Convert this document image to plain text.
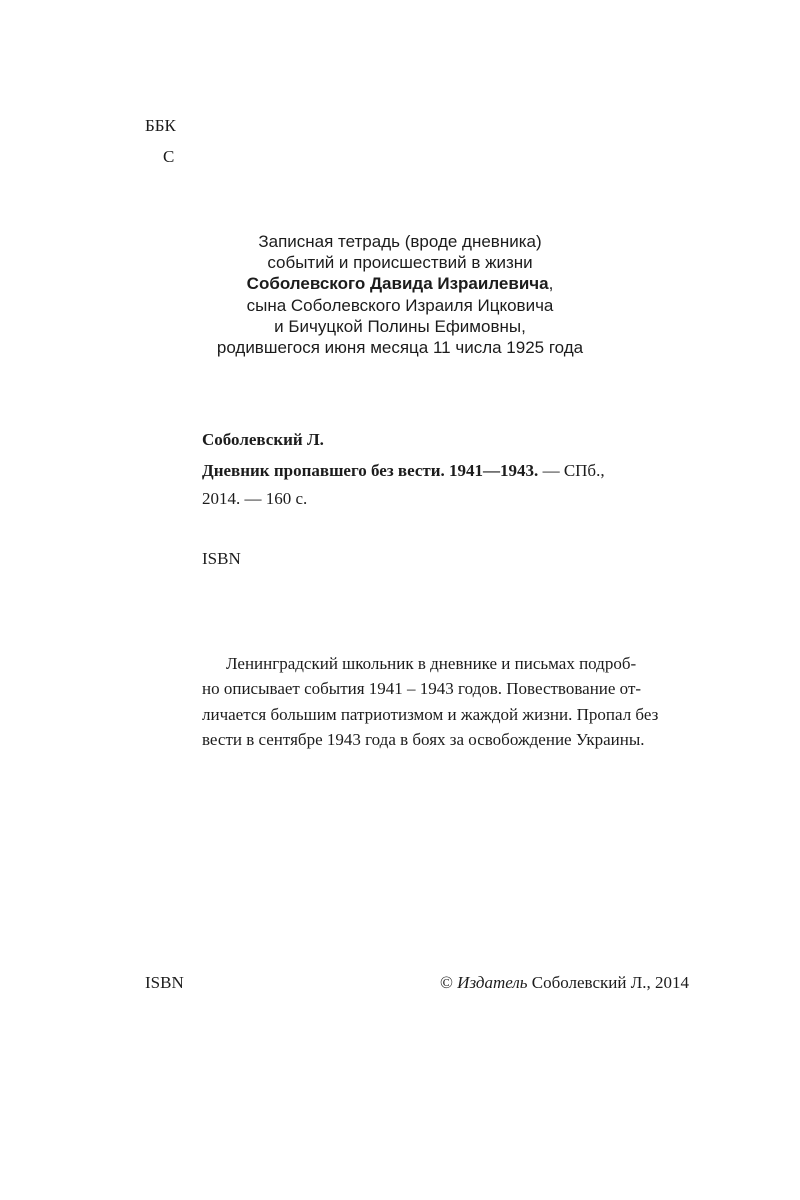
ББК
С
Записная тетрадь (вроде дневника)
событий и происшествий в жизни
Соболевского Давида Израилевича,
сына Соболевского Израиля Ицковича
и Бичуцкой Полины Ефимовны,
родившегося июня месяца 11 числа 1925 года
Соболевский Л.
Дневник пропавшего без вести. 1941—1943. — СПб.,
2014. — 160 с.
ISBN
Ленинградский школьник в дневнике и письмах подроб-
но описывает события 1941 – 1943 годов. Повествование от-
личается большим патриотизмом и жаждой жизни. Пропал без
вести в сентябре 1943 года в боях за освобождение Украины.
ISBN	© Издатель Соболевский Л., 2014
